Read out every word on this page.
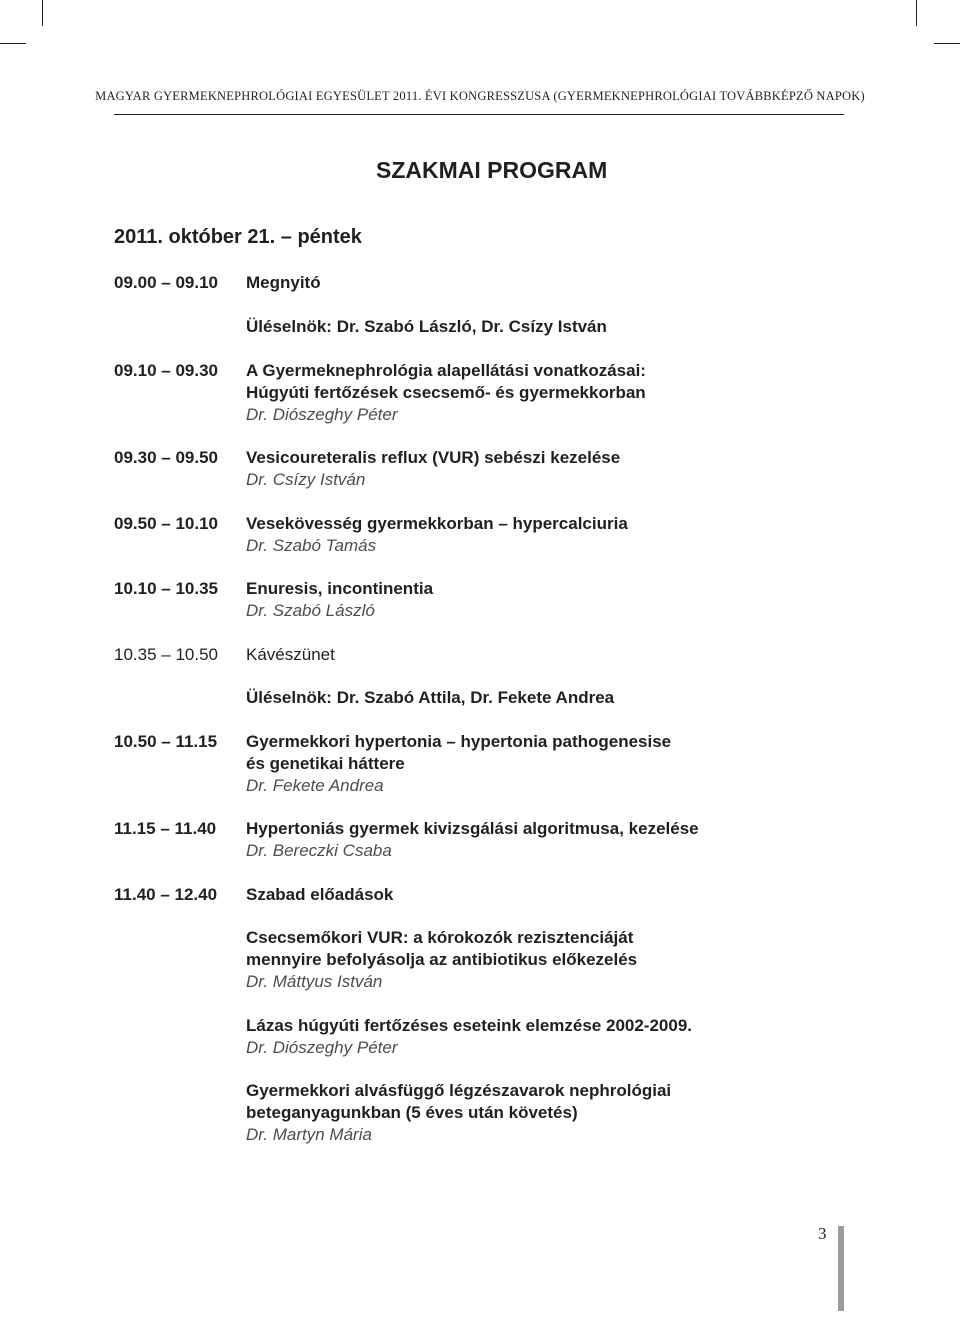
MAGYAR GYERMEKNEPHROLÓGIAI EGYESÜLET 2011. ÉVI KONGRESSZUSA (GYERMEKNEPHROLÓGIAI TOVÁBBKÉPZŐ NAPOK)
SZAKMAI PROGRAM
2011. október 21. – péntek
09.00 – 09.10 Megnyitó
Üléselnök: Dr. Szabó László, Dr. Csízy István
09.10 – 09.30 A Gyermeknephrológia alapellátási vonatkozásai:
Húgyúti fertőzések csecsemő- és gyermekkorban
Dr. Diószeghy Péter
09.30 – 09.50 Vesicoureteralis reflux (VUR) sebészi kezelése
Dr. Csízy István
09.50 – 10.10 Vesekövesség gyermekkorban – hypercalciuria
Dr. Szabó Tamás
10.10 – 10.35 Enuresis, incontinentia
Dr. Szabó László
10.35 – 10.50 Kávészünet
Üléselnök: Dr. Szabó Attila, Dr. Fekete Andrea
10.50 – 11.15 Gyermekkori hypertonia – hypertonia pathogenesise
és genetikai háttere
Dr. Fekete Andrea
11.15 – 11.40 Hypertoniás gyermek kivizsgálási algoritmusa, kezelése
Dr. Bereczki Csaba
11.40 – 12.40 Szabad előadások
Csecsemőkori VUR: a kórokozók rezisztenciáját
mennyire befolyásolja az antibiotikus előkezelés
Dr. Máttyus István
Lázas húgyúti fertőzéses eseteink elemzése 2002-2009.
Dr. Diószeghy Péter
Gyermekkori alvásfüggő légzészavarok nephrológiai
beteganyagunkban (5 éves után követés)
Dr. Martyn Mária
3
